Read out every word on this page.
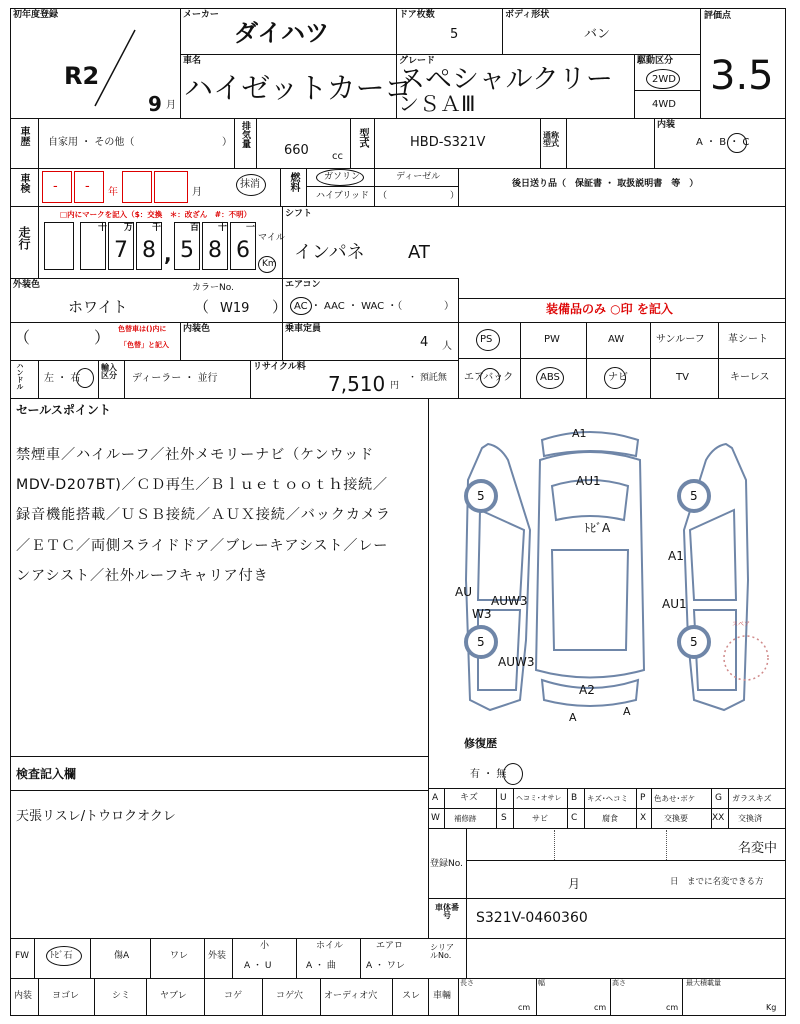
初年度登録
R2
9 月
メーカー
ダイハツ
ドア枚数
5
ボディ形状
バン
車名
ハイゼットカーゴ
グレード
スペシャルクリー
ンＳＡⅢ
駆動区分
2WD
4WD
評価点
3.5
車歴 自家用 ・ その他（	） 排気量
660 cc
型式	HBD-S321V	通称型式
内装
A ・ B ・ C
車検 - - 年	月
抹消	燃料	ガソリン	ディーゼル
ハイブリッド （	）
後日送り品（　保証書 ・ 取扱説明書　等　）
走行
□内にマークを記入（$：交換　＊：改ざん　#：不明）
十 万 千	百 十 一
7 8 , 5 8 6 マイル
Km
シフト
インパネ AT
外装色
ホワイト
カラーNo.
（ W19 ）
エアコン
AC ・ AAC ・ WAC ・（	）	装備品のみ ○印 を記入
PS	PW	AW	サンルーフ 革シート
エアバック	ABS	ナビ	TV	キーレス
（	） 色替車は()内に
「色替」と記入
内装色	乗車定員
4 人
ハンドル 左 ・ 右
輸入区分	ディーラー ・ 並行
リサイクル料
7,510 円
・ 預託無
セールスポイント
禁煙車／ハイルーフ／社外メモリーナビ（ケンウッド
MDV-D207BT)／ＣＤ再生／Ｂｌｕｅｔｏｏｔｈ接続／
録音機能搭載／ＵＳＢ接続／ＡＵＸ接続／バックカメラ
／ＥＴＣ／両側スライドドア／ブレーキアシスト／レー
ンアシスト／社外ルーフキャリア付き
5	5
5	5
スペア
A1
AU1
ﾄﾋﾞA
A1
AU1
AU
AUW3
W3
AUW3
A2
A	A
修復歴
有 ・ 無
A キズ U ヘコミ･オサレ B キズ･ヘコミ P 色あせ･ボケ G ガラスキズ
W 補修跡	S	サビ	C	腐食 X 交換要	XX 交換済
検査記入欄
天張リスレ/トウロクオクレ
登録No.
名変中
月	日　までに名変できる方
車体番号	S321V-0460360
FW ﾄﾋﾞ石	傷A	ワレ 外装
小
A ・ U
ホイル
A ・ 曲
エアロ
A ・ ワレ
シリアルNo.
内装 ヨゴレ	シミ	ヤブレ	コゲ	コゲ穴 オーディオ穴	スレ 車輛
長さ
cm
幅
cm
高さ
cm
最大積載量
Kg
